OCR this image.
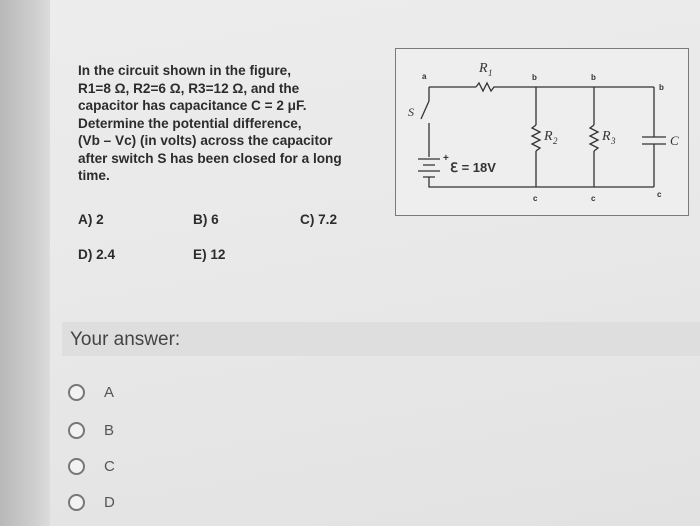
In the circuit shown in the figure,
R1=8 Ω, R2=6 Ω, R3=12 Ω, and the
capacitor has capacitance C = 2 μF.
Determine the potential difference,
(Vb – Vc) (in volts) across the capacitor
after switch S has been closed for a long
time.
A) 2	B) 6	C) 7.2
D) 2.4	E) 12
R 1
R 2	R 3	C
S
ℇ = 18V
+
a	b	b
b
c	c	c
Your answer:
A
B
C
D
